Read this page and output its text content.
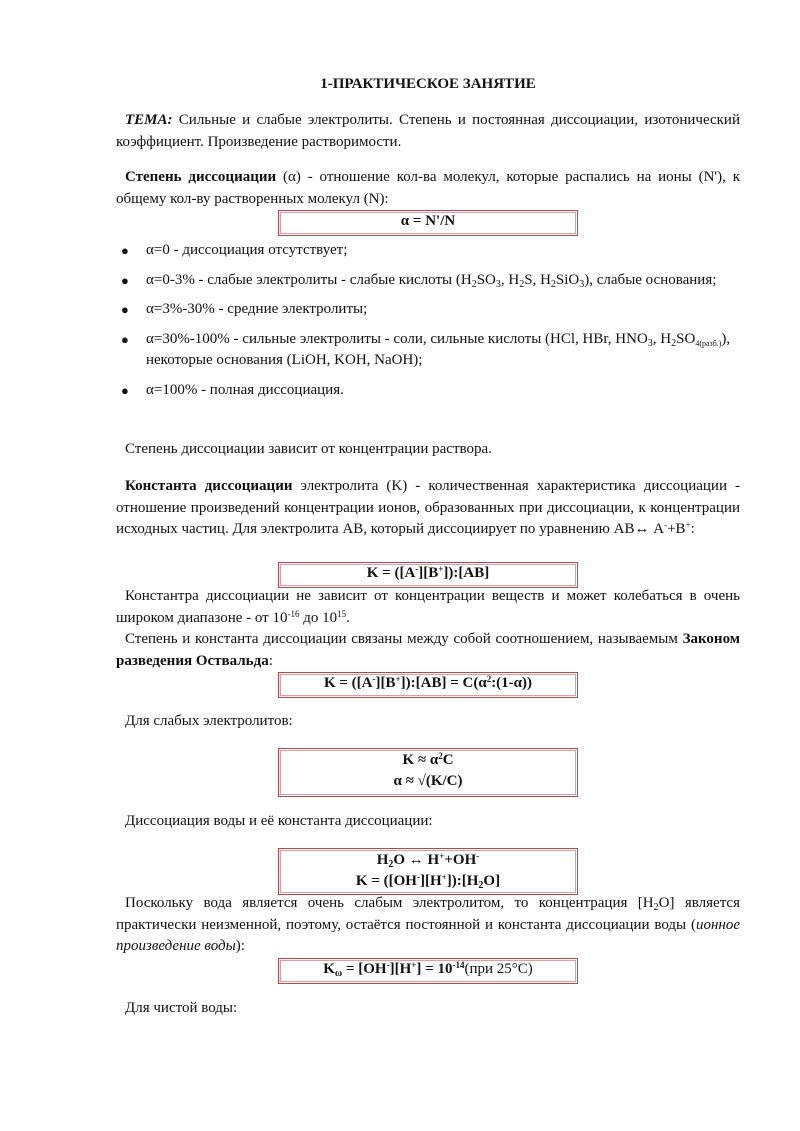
1-ПРАКТИЧЕСКОЕ ЗАНЯТИЕ
ТЕМА: Сильные и слабые электролиты. Степень и постоянная диссоциации, изотонический коэффициент. Произведение растворимости.
Степень диссоциации (α) - отношение кол-ва молекул, которые распались на ионы (N'), к общему кол-ву растворенных молекул (N):
α = N'/N
● α=0 - диссоциация отсутствует;
● α=0-3% - слабые электролиты - слабые кислоты ($H_2SO_3$, $H_2S$, $H_2SiO_3$), слабые основания;
● α=3%-30% - средние электролиты;
● α=30%-100% - сильные электролиты - соли, сильные кислоты (HCl, HBr, $HNO_3$, $H_2SO_{4(разб.)}$), некоторые основания (LiOH, KOH, NaOH);
● α=100% - полная диссоциация.
Степень диссоциации зависит от концентрации раствора.
Константа диссоциации электролита (K) - количественная характеристика диссоциации - отношение произведений концентрации ионов, образованных при диссоциации, к концентрации исходных частиц. Для электролита АВ, который диссоциирует по уравнению АВ↔ A-+B+:
K = ([A-][B+]):[AB]
Константра диссоциации не зависит от концентрации веществ и может колебаться в очень широком диапазоне - от $10^{-16}$ до $10^{15}$.
Степень и константа диссоциации связаны между собой соотношением, называемым Законом разведения Оствальда:
K = ([A-][B+]):[AB] = $C(\alpha^2:(1-\alpha))$
Для слабых электролитов:
$K \approx \alpha^2C$
α ≈ √(K/C)
Диссоциация воды и её константа диссоциации:
$H_2O$ ↔ H++OH-
$K = ([OH^-][H^+]):[H_2O]$
Поскольку вода является очень слабым электролитом, то концентрация $[H_2O]$ является практически неизменной, поэтому, остаётся постоянной и константа диссоциации воды (ионное произведение воды):
$K_\omega = [OH^-][H^+] = 10^{-14}(при$ 25°C)
Для чистой воды:
